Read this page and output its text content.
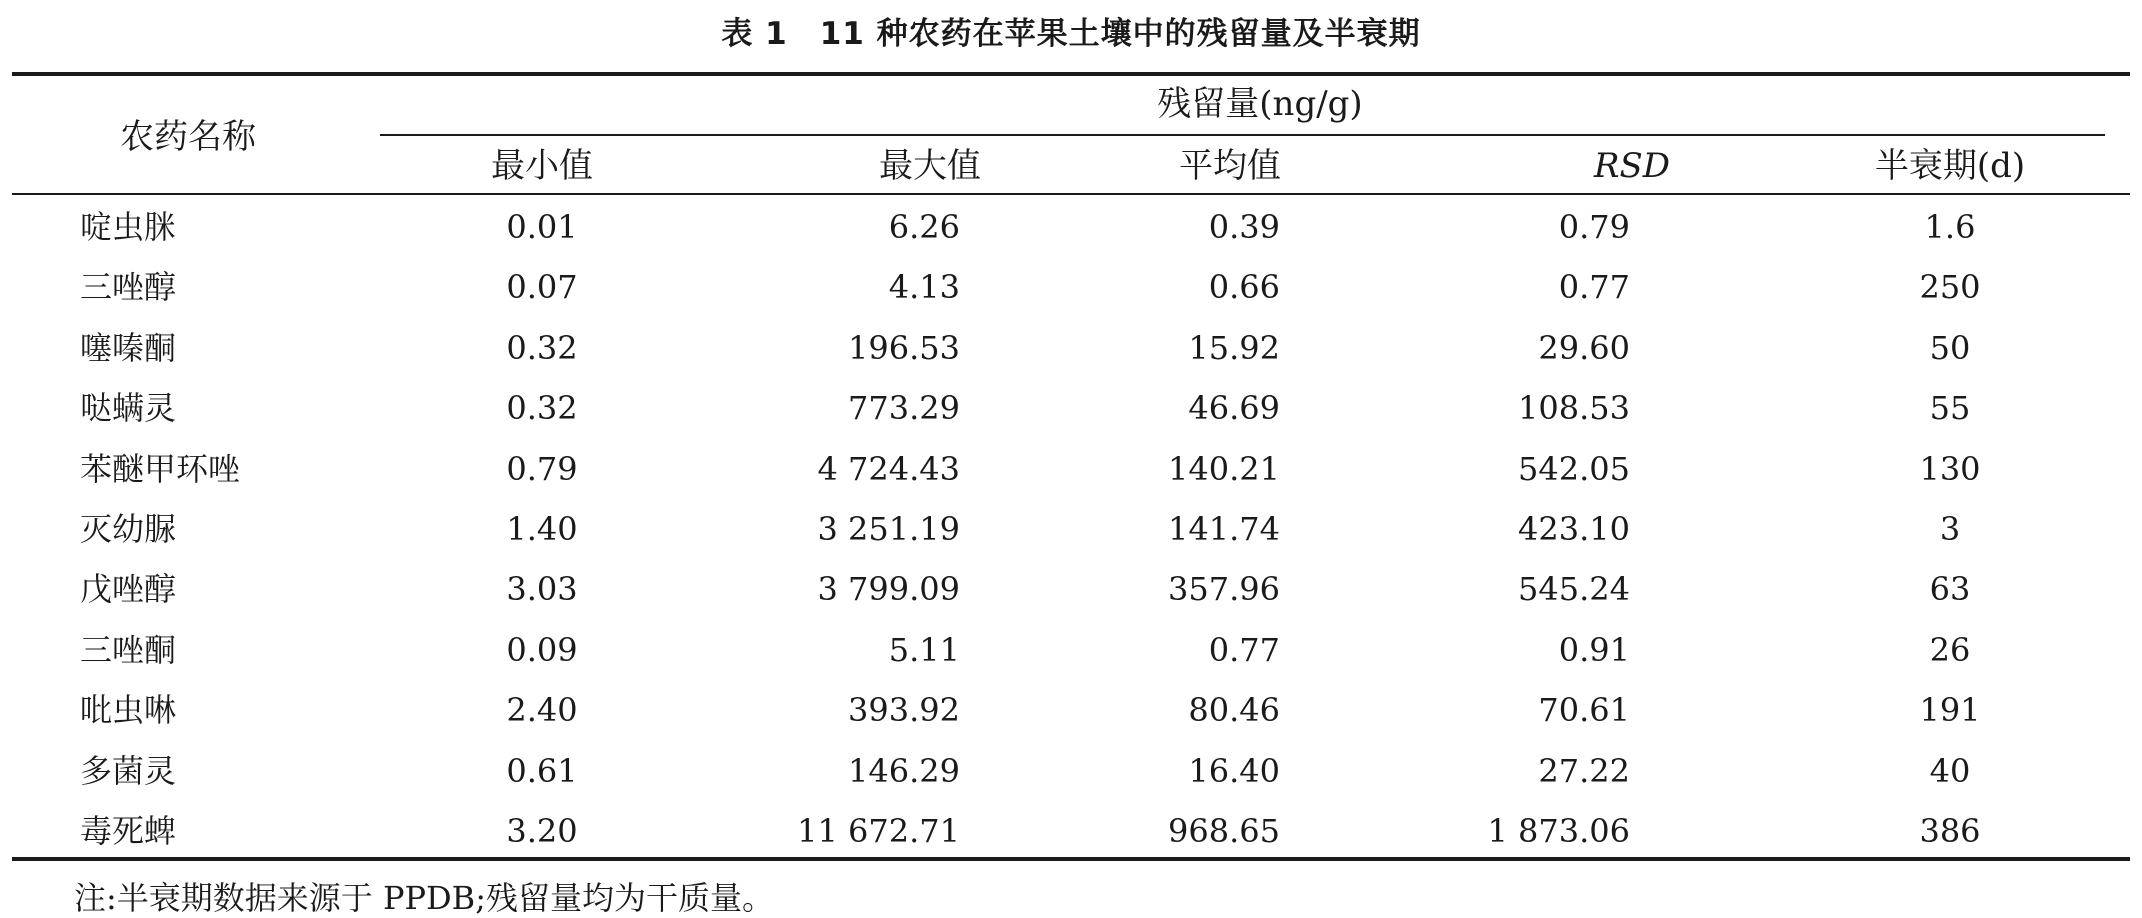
表 1　11 种农药在苹果土壤中的残留量及半衰期
农药名称
残留量(ng/g)
最小值	最大值	平均值	RSD	半衰期(d)
啶虫脒	0.01	6.26	0.39	0.79	1.6
三唑醇	0.07	4.13	0.66	0.77	250
噻嗪酮	0.32	196.53	15.92	29.60	50
哒螨灵	0.32	773.29	46.69	108.53	55
苯醚甲环唑	0.79	4 724.43	140.21	542.05	130
灭幼脲	1.40	3 251.19	141.74	423.10	3
戊唑醇	3.03	3 799.09	357.96	545.24	63
三唑酮	0.09	5.11	0.77	0.91	26
吡虫啉	2.40	393.92	80.46	70.61	191
多菌灵	0.61	146.29	16.40	27.22	40
毒死蜱	3.20	11 672.71	968.65	1 873.06	386
注:半衰期数据来源于 PPDB;残留量均为干质量。
